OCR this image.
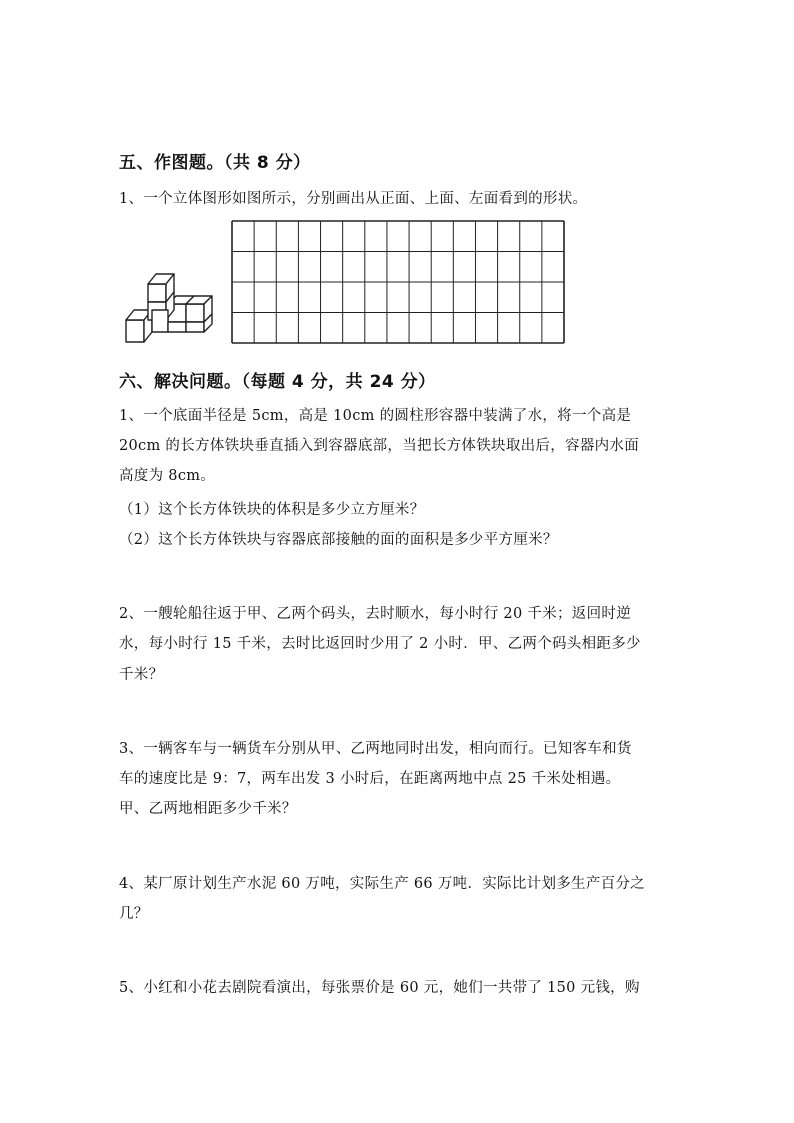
五、作图题。（共 8 分）
1、一个立体图形如图所示，分别画出从正面、上面、左面看到的形状。
六、解决问题。（每题 4 分，共 24 分）
1、一个底面半径是 5cm，高是 10cm 的圆柱形容器中装满了水，将一个高是
20cm 的长方体铁块垂直插入到容器底部，当把长方体铁块取出后，容器内水面
高度为 8cm。
（1）这个长方体铁块的体积是多少立方厘米？
（2）这个长方体铁块与容器底部接触的面的面积是多少平方厘米？
2、一艘轮船往返于甲、乙两个码头，去时顺水，每小时行 20 千米；返回时逆
水，每小时行 15 千米，去时比返回时少用了 2 小时．甲、乙两个码头相距多少
千米？
3、一辆客车与一辆货车分别从甲、乙两地同时出发，相向而行。已知客车和货
车的速度比是 9：7，两车出发 3 小时后，在距离两地中点 25 千米处相遇。
甲、乙两地相距多少千米？
4、某厂原计划生产水泥 60 万吨，实际生产 66 万吨．实际比计划多生产百分之
几？
5、小红和小花去剧院看演出，每张票价是 60 元，她们一共带了 150 元钱，购
